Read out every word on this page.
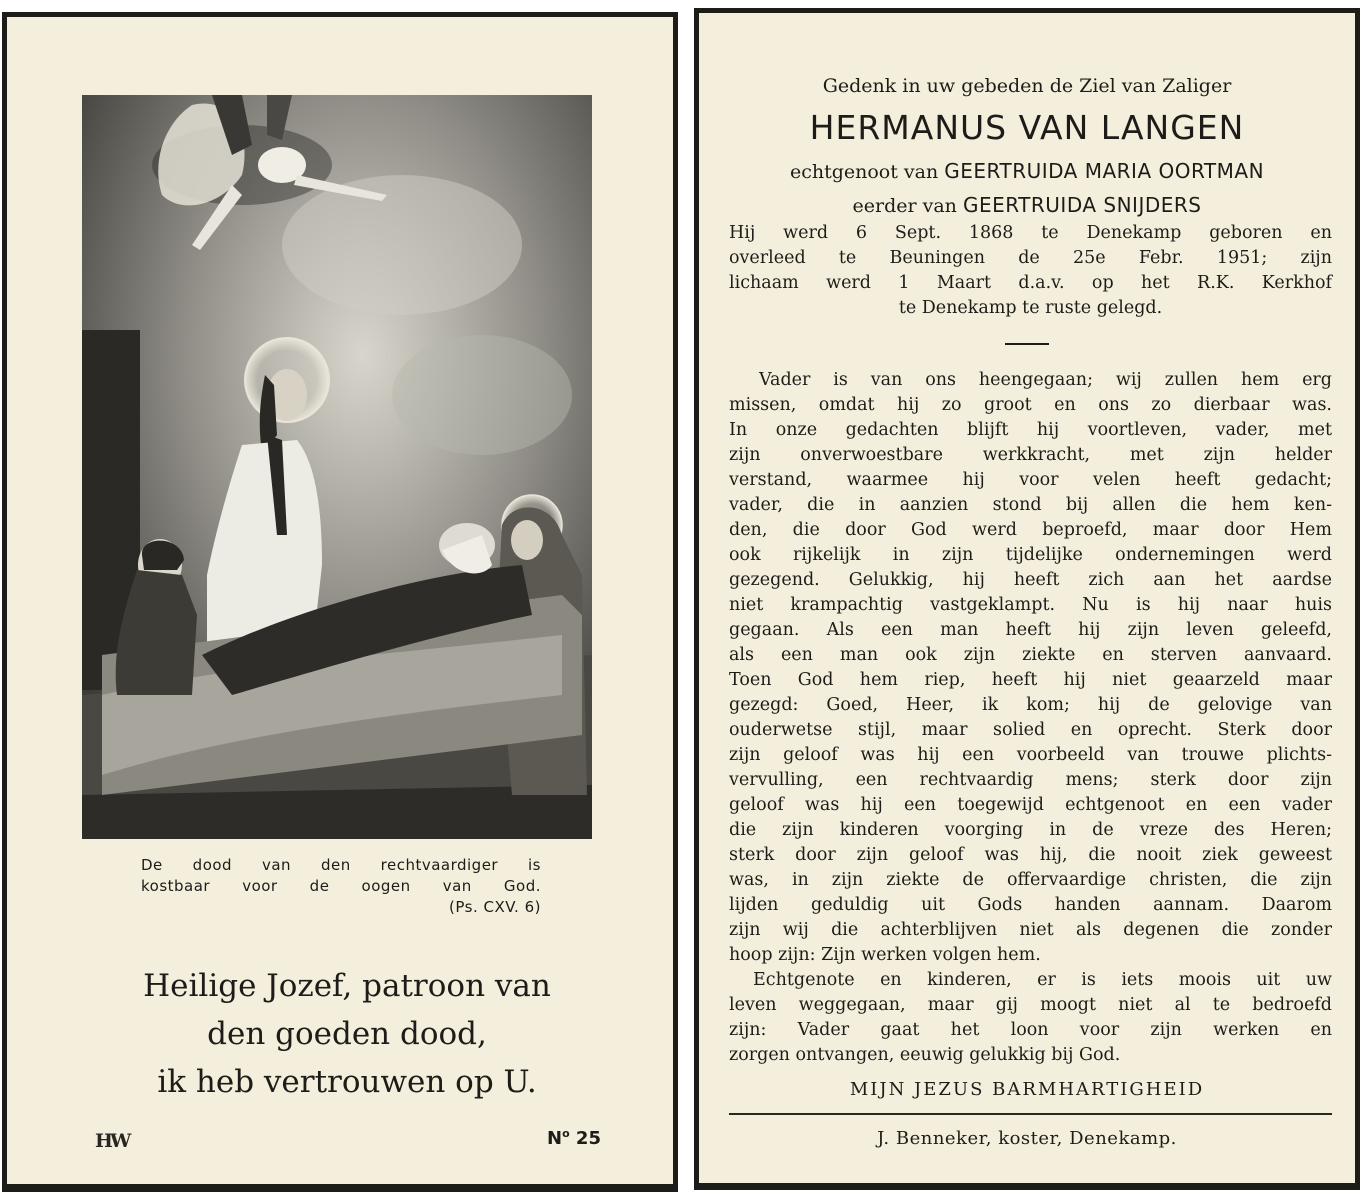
De dood van den rechtvaardiger is
kostbaar voor de oogen van God.
(Ps. CXV. 6)
Heilige Jozef, patroon van
den goeden dood,
ik heb vertrouwen op U.
HW	$N^o$ 25
Gedenk in uw gebeden de Ziel van Zaliger
HERMANUS VAN LANGEN
echtgenoot van GEERTRUIDA MARIA OORTMAN
eerder van GEERTRUIDA SNIJDERS
Hij werd 6 Sept. 1868 te Denekamp geboren en
overleed te Beuningen de 25e Febr. 1951; zijn
lichaam werd 1 Maart d.a.v. op het R.K. Kerkhof
te Denekamp te ruste gelegd.
Vader is van ons heengegaan; wij zullen hem erg
missen, omdat hij zo groot en ons zo dierbaar was.
In onze gedachten blijft hij voortleven, vader, met
zijn onverwoestbare werkkracht, met zijn helder
verstand, waarmee hij voor velen heeft gedacht;
vader, die in aanzien stond bij allen die hem ken-
den, die door God werd beproefd, maar door Hem
ook rijkelijk in zijn tijdelijke ondernemingen werd
gezegend. Gelukkig, hij heeft zich aan het aardse
niet krampachtig vastgeklampt. Nu is hij naar huis
gegaan. Als een man heeft hij zijn leven geleefd,
als een man ook zijn ziekte en sterven aanvaard.
Toen God hem riep, heeft hij niet geaarzeld maar
gezegd: Goed, Heer, ik kom; hij de gelovige van
ouderwetse stijl, maar solied en oprecht. Sterk door
zijn geloof was hij een voorbeeld van trouwe plichts-
vervulling, een rechtvaardig mens; sterk door zijn
geloof was hij een toegewijd echtgenoot en een vader
die zijn kinderen voorging in de vreze des Heren;
sterk door zijn geloof was hij, die nooit ziek geweest
was, in zijn ziekte de offervaardige christen, die zijn
lijden geduldig uit Gods handen aannam. Daarom
zijn wij die achterblijven niet als degenen die zonder
hoop zijn: Zijn werken volgen hem.
Echtgenote en kinderen, er is iets moois uit uw
leven weggegaan, maar gij moogt niet al te bedroefd
zijn: Vader gaat het loon voor zijn werken en
zorgen ontvangen, eeuwig gelukkig bij God.
MIJN JEZUS BARMHARTIGHEID
J. Benneker, koster, Denekamp.
